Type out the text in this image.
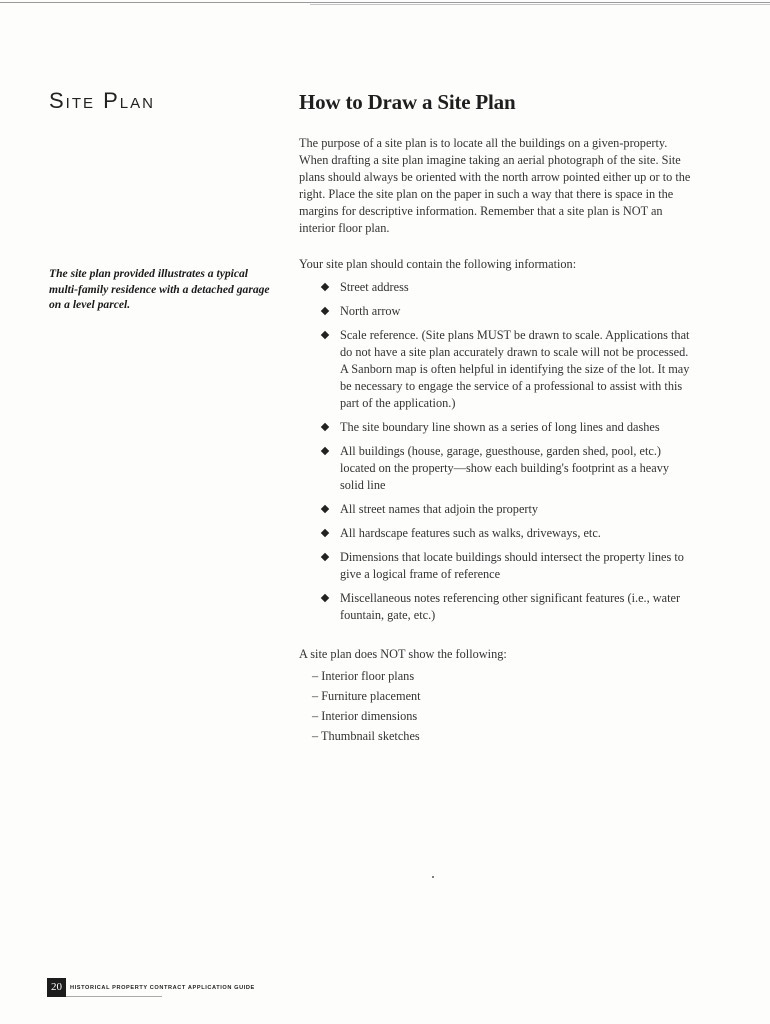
Site Plan

The site plan provided illustrates a typical multi-family residence with a detached garage on a level parcel.

How to Draw a Site Plan

The purpose of a site plan is to locate all the buildings on a given-property. When drafting a site plan imagine taking an aerial photograph of the site. Site plans should always be oriented with the north arrow pointed either up or to the right. Place the site plan on the paper in such a way that there is space in the margins for descriptive information. Remember that a site plan is NOT an interior floor plan.

Your site plan should contain the following information:

Street address
North arrow
Scale reference. (Site plans MUST be drawn to scale. Applications that do not have a site plan accurately drawn to scale will not be processed. A Sanborn map is often helpful in identifying the size of the lot. It may be necessary to engage the service of a professional to assist with this part of the application.)
The site boundary line shown as a series of long lines and dashes
All buildings (house, garage, guesthouse, garden shed, pool, etc.) located on the property—show each building's footprint as a heavy solid line
All street names that adjoin the property
All hardscape features such as walks, driveways, etc.
Dimensions that locate buildings should intersect the property lines to give a logical frame of reference
Miscellaneous notes referencing other significant features (i.e., water fountain, gate, etc.)

A site plan does NOT show the following:

– Interior floor plans
– Furniture placement
– Interior dimensions
– Thumbnail sketches
20	HISTORICAL PROPERTY CONTRACT APPLICATION GUIDE
